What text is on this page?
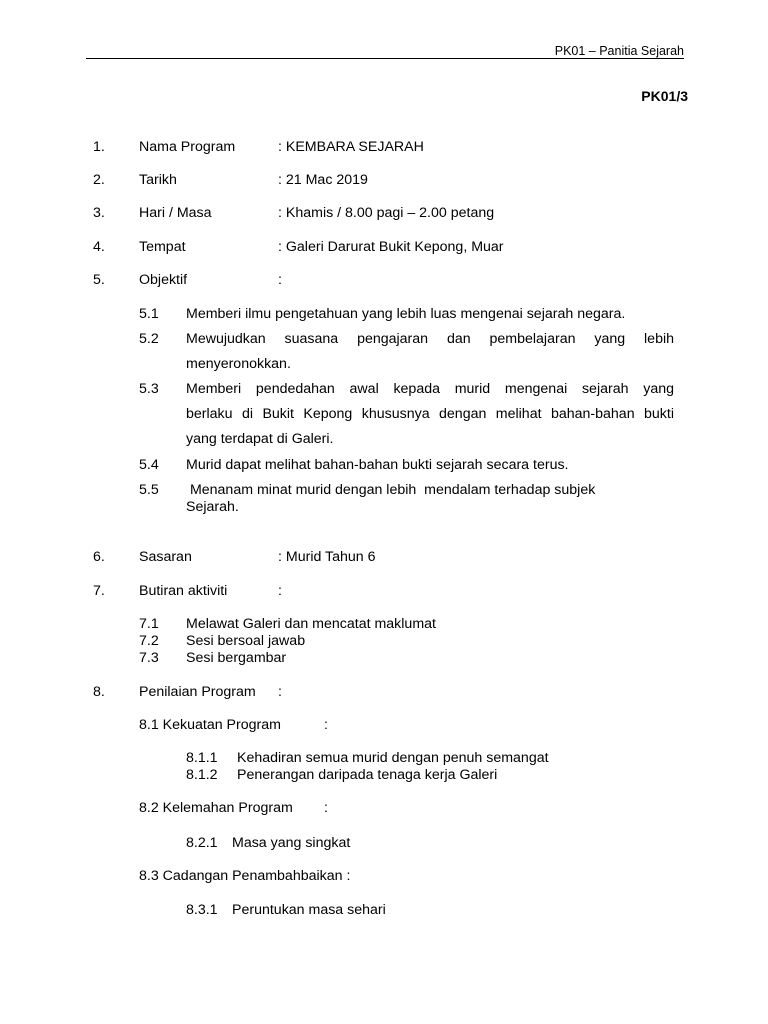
PK01 – Panitia Sejarah
PK01/3
1. Nama Program	: KEMBARA SEJARAH
2. Tarikh	: 21 Mac 2019
3. Hari / Masa	: Khamis / 8.00 pagi – 2.00 petang
4. Tempat	: Galeri Darurat Bukit Kepong, Muar
5. Objektif	:
5.1 Memberi ilmu pengetahuan yang lebih luas mengenai sejarah negara.
5.2 Mewujudkan suasana pengajaran dan pembelajaran yang lebih
menyeronokkan.
5.3 Memberi pendedahan awal kepada murid mengenai sejarah yang
berlaku di Bukit Kepong khususnya dengan melihat bahan-bahan bukti
yang terdapat di Galeri.
5.4 Murid dapat melihat bahan-bahan bukti sejarah secara terus.
5.5 Menanam minat murid dengan lebih  mendalam terhadap subjek
Sejarah.
6. Sasaran	: Murid Tahun 6
7. Butiran aktiviti	:
7.1 Melawat Galeri dan mencatat maklumat
7.2 Sesi bersoal jawab
7.3 Sesi bergambar
8. Penilaian Program :
8.1 Kekuatan Program	:
8.1.1 Kehadiran semua murid dengan penuh semangat
8.1.2 Penerangan daripada tenaga kerja Galeri
8.2 Kelemahan Program :
8.2.1 Masa yang singkat
8.3 Cadangan Penambahbaikan :
8.3.1 Peruntukan masa sehari
